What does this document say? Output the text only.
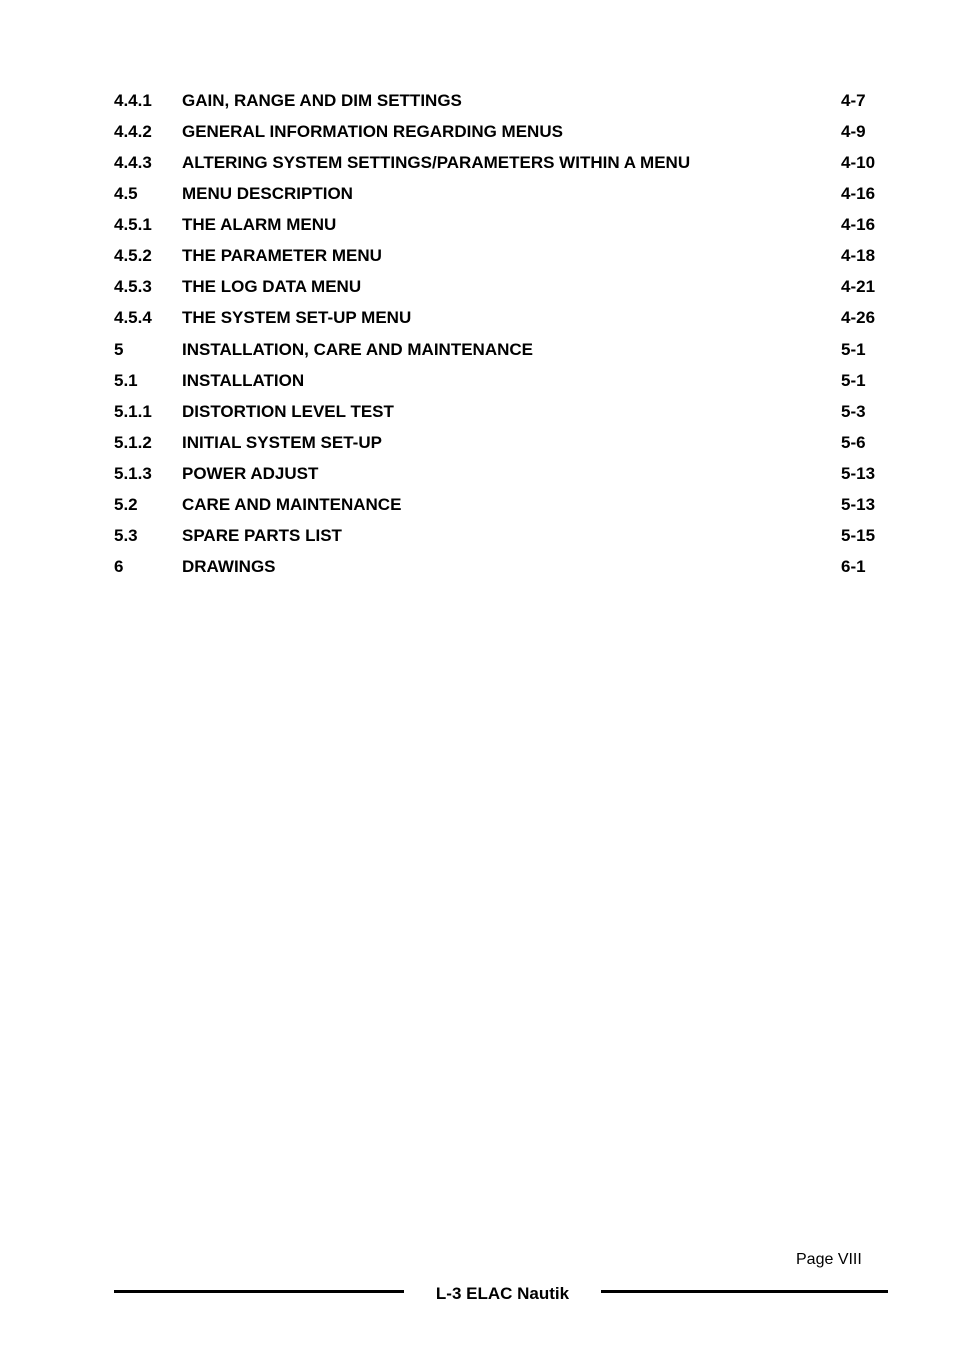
4.4.1 GAIN, RANGE AND DIM SETTINGS	4-7
4.4.2 GENERAL INFORMATION REGARDING MENUS	4-9
4.4.3 ALTERING SYSTEM SETTINGS/PARAMETERS WITHIN A MENU	4-10
4.5	MENU DESCRIPTION	4-16
4.5.1 THE ALARM MENU	4-16
4.5.2 THE PARAMETER MENU	4-18
4.5.3 THE LOG DATA MENU	4-21
4.5.4 THE SYSTEM SET-UP MENU	4-26
5	INSTALLATION, CARE AND MAINTENANCE	5-1
5.1	INSTALLATION	5-1
5.1.1 DISTORTION LEVEL TEST	5-3
5.1.2 INITIAL SYSTEM SET-UP	5-6
5.1.3 POWER ADJUST	5-13
5.2	CARE AND MAINTENANCE	5-13
5.3	SPARE PARTS LIST	5-15
6	DRAWINGS	6-1
Page VIII
L-3 ELAC Nautik
